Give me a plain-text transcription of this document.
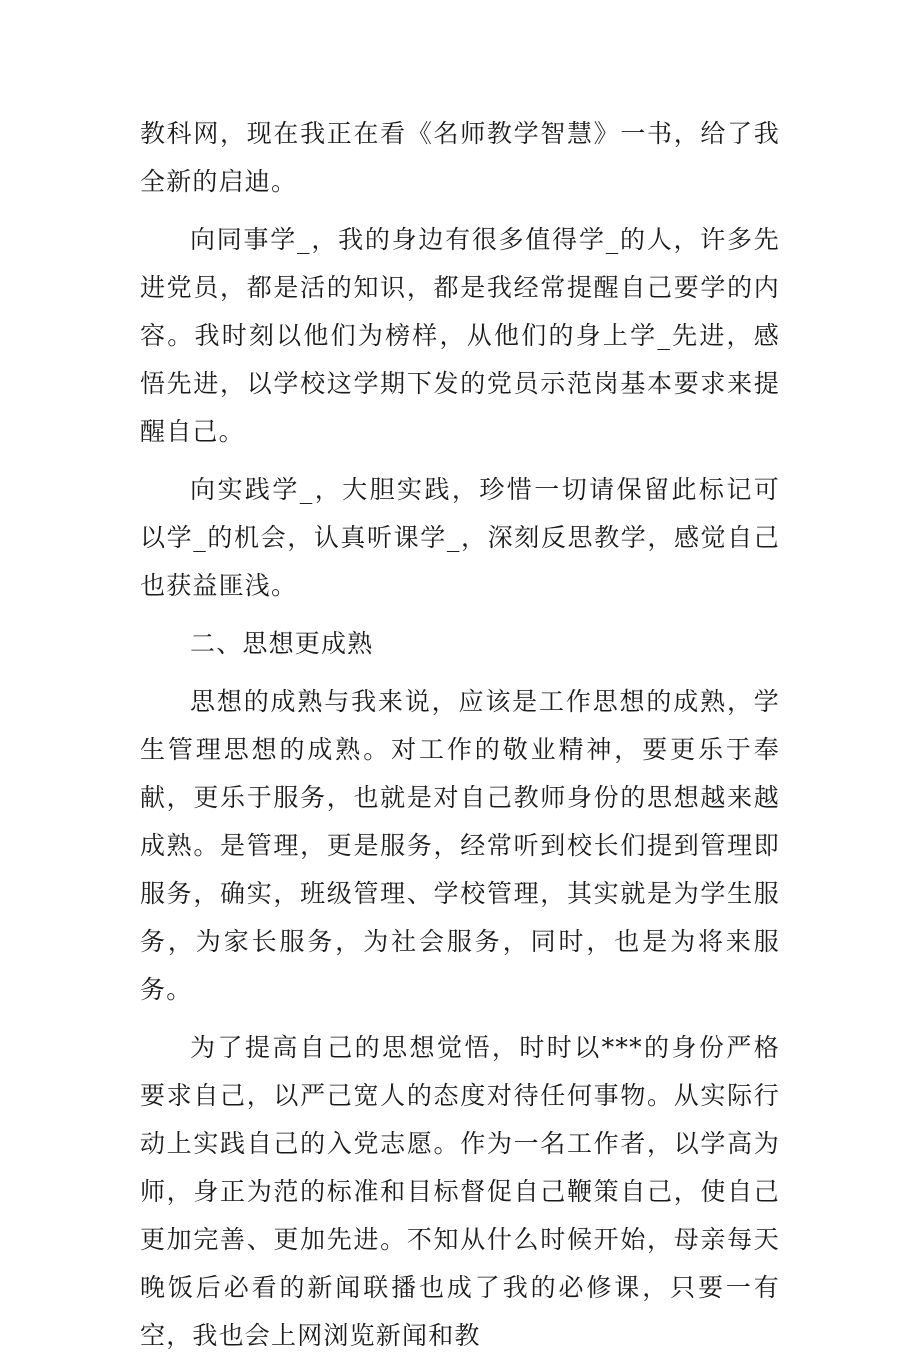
教科网，现在我正在看《名师教学智慧》一书，给了我全新的启迪。

向同事学_，我的身边有很多值得学_的人，许多先进党员，都是活的知识，都是我经常提醒自己要学的内容。我时刻以他们为榜样，从他们的身上学_先进，感悟先进，以学校这学期下发的党员示范岗基本要求来提醒自己。

向实践学_，大胆实践，珍惜一切请保留此标记可以学_的机会，认真听课学_，深刻反思教学，感觉自己也获益匪浅。

二、思想更成熟

思想的成熟与我来说，应该是工作思想的成熟，学生管理思想的成熟。对工作的敬业精神，要更乐于奉献，更乐于服务，也就是对自己教师身份的思想越来越成熟。是管理，更是服务，经常听到校长们提到管理即服务，确实，班级管理、学校管理，其实就是为学生服务，为家长服务，为社会服务，同时，也是为将来服务。

为了提高自己的思想觉悟，时时以***的身份严格要求自己，以严己宽人的态度对待任何事物。从实际行动上实践自己的入党志愿。作为一名工作者，以学高为师，身正为范的标准和目标督促自己鞭策自己，使自己更加完善、更加先进。不知从什么时候开始，母亲每天晚饭后必看的新闻联播也成了我的必修课，只要一有空，我也会上网浏览新闻和教
